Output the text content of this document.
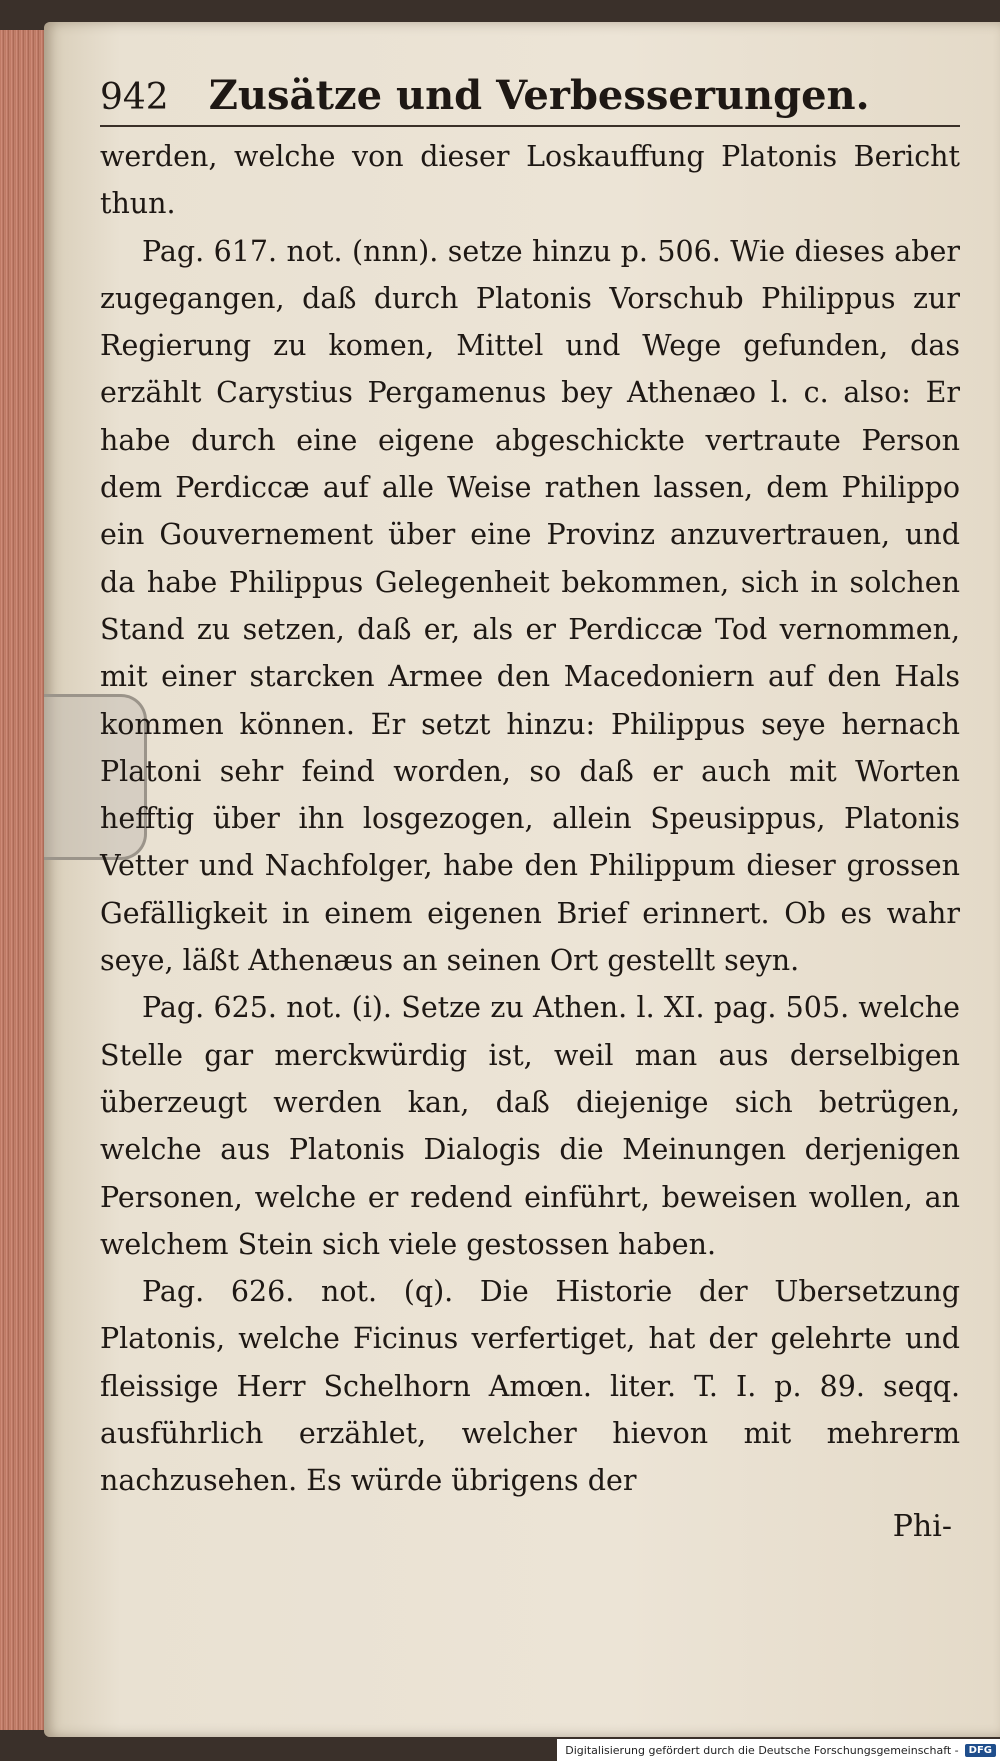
942 Zusätze und Verbesserungen.

werden, welche von dieser Loskauffung Platonis Bericht thun.

Pag. 617. not. (nnn). setze hinzu p. 506. Wie dieses aber zugegangen, daß durch Platonis Vorschub Philippus zur Regierung zu komen, Mittel und Wege gefunden, das erzählt Carystius Pergamenus bey Athenæo l. c. also: Er habe durch eine eigene abgeschickte vertraute Person dem Perdiccæ auf alle Weise rathen lassen, dem Philippo ein Gouvernement über eine Provinz anzuvertrauen, und da habe Philippus Gelegenheit bekommen, sich in solchen Stand zu setzen, daß er, als er Perdiccæ Tod vernommen, mit einer starcken Armee den Macedoniern auf den Hals kommen können. Er setzt hinzu: Philippus seye hernach Platoni sehr feind worden, so daß er auch mit Worten hefftig über ihn losgezogen, allein Speusippus, Platonis Vetter und Nachfolger, habe den Philippum dieser grossen Gefälligkeit in einem eigenen Brief erinnert. Ob es wahr seye, läßt Athenæus an seinen Ort gestellt seyn.

Pag. 625. not. (i). Setze zu Athen. l. XI. pag. 505. welche Stelle gar merckwürdig ist, weil man aus derselbigen überzeugt werden kan, daß diejenige sich betrügen, welche aus Platonis Dialogis die Meinungen derjenigen Personen, welche er redend einführt, beweisen wollen, an welchem Stein sich viele gestossen haben.

Pag. 626. not. (q). Die Historie der Ubersetzung Platonis, welche Ficinus verfertiget, hat der gelehrte und fleissige Herr Schelhorn Amœn. liter. T. I. p. 89. seqq. ausführlich erzählet, welcher hievon mit mehrerm nachzusehen. Es würde übrigens der

Phi-
Digitalisierung gefördert durch die Deutsche Forschungsgemeinschaft -	DFG
